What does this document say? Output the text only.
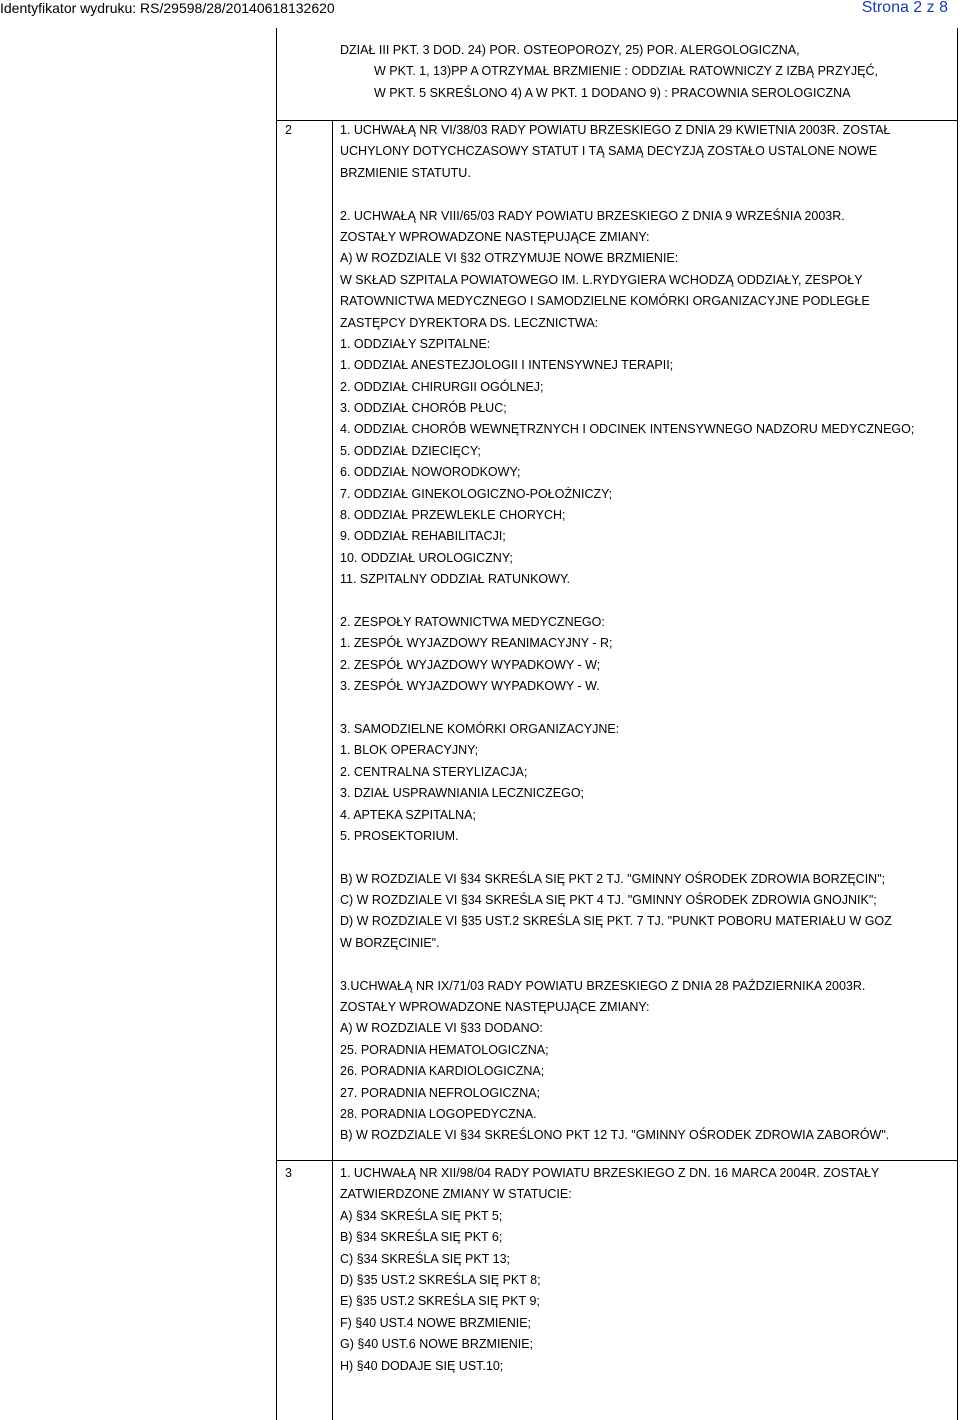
Identyfikator wydruku: RS/29598/28/20140618132620	Strona 2 z 8
2
3
DZIAŁ III PKT. 3 DOD. 24) POR. OSTEOPOROZY, 25) POR. ALERGOLOGICZNA,
W PKT. 1, 13)PP A OTRZYMAŁ BRZMIENIE : ODDZIAŁ RATOWNICZY Z IZBĄ PRZYJĘĆ,
W PKT. 5 SKREŚLONO 4) A W PKT. 1 DODANO 9) : PRACOWNIA SEROLOGICZNA
1. UCHWAŁĄ NR VI/38/03 RADY POWIATU BRZESKIEGO Z DNIA 29 KWIETNIA 2003R. ZOSTAŁ
UCHYLONY DOTYCHCZASOWY STATUT I TĄ SAMĄ DECYZJĄ ZOSTAŁO USTALONE NOWE
BRZMIENIE STATUTU.
2. UCHWAŁĄ NR VIII/65/03 RADY POWIATU BRZESKIEGO Z DNIA 9 WRZEŚNIA 2003R.
ZOSTAŁY WPROWADZONE NASTĘPUJĄCE ZMIANY:
A) W ROZDZIALE VI §32 OTRZYMUJE NOWE BRZMIENIE:
W SKŁAD SZPITALA POWIATOWEGO IM. L.RYDYGIERA WCHODZĄ ODDZIAŁY, ZESPOŁY
RATOWNICTWA MEDYCZNEGO I SAMODZIELNE KOMÓRKI ORGANIZACYJNE PODLEGŁE
ZASTĘPCY DYREKTORA DS. LECZNICTWA:
1. ODDZIAŁY SZPITALNE:
1. ODDZIAŁ ANESTEZJOLOGII I INTENSYWNEJ TERAPII;
2. ODDZIAŁ CHIRURGII OGÓLNEJ;
3. ODDZIAŁ CHORÓB PŁUC;
4. ODDZIAŁ CHORÓB WEWNĘTRZNYCH I ODCINEK INTENSYWNEGO NADZORU MEDYCZNEGO;
5. ODDZIAŁ DZIECIĘCY;
6. ODDZIAŁ NOWORODKOWY;
7. ODDZIAŁ GINEKOLOGICZNO-POŁOŻNICZY;
8. ODDZIAŁ PRZEWLEKLE CHORYCH;
9. ODDZIAŁ REHABILITACJI;
10. ODDZIAŁ UROLOGICZNY;
11. SZPITALNY ODDZIAŁ RATUNKOWY.
2. ZESPOŁY RATOWNICTWA MEDYCZNEGO:
1. ZESPÓŁ WYJAZDOWY REANIMACYJNY - R;
2. ZESPÓŁ WYJAZDOWY WYPADKOWY - W;
3. ZESPÓŁ WYJAZDOWY WYPADKOWY - W.
3. SAMODZIELNE KOMÓRKI ORGANIZACYJNE:
1. BLOK OPERACYJNY;
2. CENTRALNA STERYLIZACJA;
3. DZIAŁ USPRAWNIANIA LECZNICZEGO;
4. APTEKA SZPITALNA;
5. PROSEKTORIUM.
B) W ROZDZIALE VI §34 SKREŚLA SIĘ PKT 2 TJ. "GMINNY OŚRODEK ZDROWIA BORZĘCIN";
C) W ROZDZIALE VI §34 SKREŚLA SIĘ PKT 4 TJ. "GMINNY OŚRODEK ZDROWIA GNOJNIK";
D) W ROZDZIALE VI §35 UST.2 SKREŚLA SIĘ PKT. 7 TJ. "PUNKT POBORU MATERIAŁU W GOZ
W BORZĘCINIE".
3.UCHWAŁĄ NR IX/71/03 RADY POWIATU BRZESKIEGO Z DNIA 28 PAŹDZIERNIKA 2003R.
ZOSTAŁY WPROWADZONE NASTĘPUJĄCE ZMIANY:
A) W ROZDZIALE VI §33 DODANO:
25. PORADNIA HEMATOLOGICZNA;
26. PORADNIA KARDIOLOGICZNA;
27. PORADNIA NEFROLOGICZNA;
28. PORADNIA LOGOPEDYCZNA.
B) W ROZDZIALE VI §34 SKREŚLONO PKT 12 TJ. "GMINNY OŚRODEK ZDROWIA ZABORÓW".
1. UCHWAŁĄ NR XII/98/04 RADY POWIATU BRZESKIEGO Z DN. 16 MARCA 2004R. ZOSTAŁY
ZATWIERDZONE ZMIANY W STATUCIE:
A) §34 SKREŚLA SIĘ PKT 5;
B) §34 SKREŚLA SIĘ PKT 6;
C) §34 SKREŚLA SIĘ PKT 13;
D) §35 UST.2 SKREŚLA SIĘ PKT 8;
E) §35 UST.2 SKREŚLA SIĘ PKT 9;
F) §40 UST.4 NOWE BRZMIENIE;
G) §40 UST.6 NOWE BRZMIENIE;
H) §40 DODAJE SIĘ UST.10;
